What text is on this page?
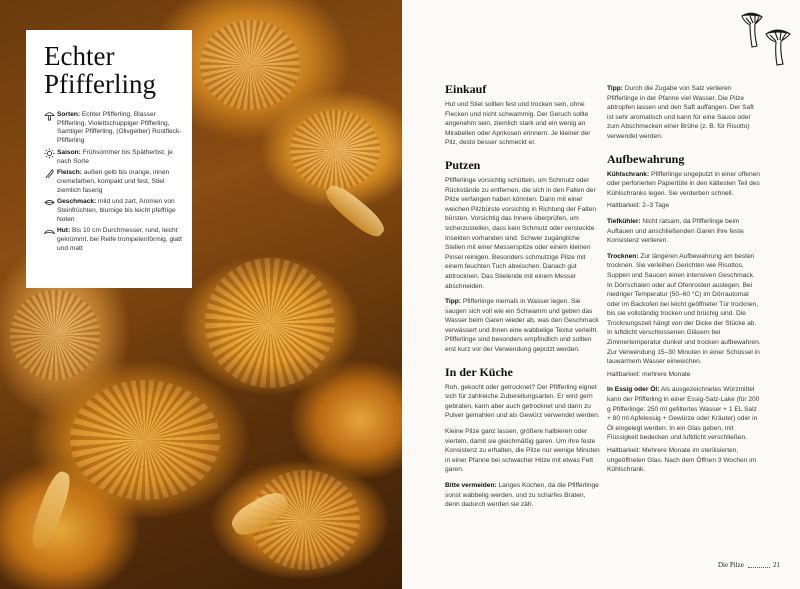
Echter
Pfifferling
Sorten: Echter Pfifferling, Blasser Pfifferling, Violettschuppiger Pfifferling, Samtiger Pfifferling, (Olivgelber) Rostfleck-Pfifferling
Saison: Frühsommer bis Spätherbst, je nach Sorte
Fleisch: außen gelb bis orange, innen cremefarben, kompakt und fest, Stiel ziemlich faserig
Geschmack: mild und zart, Aromen von Steinfrüchten, blumige bis leicht pfeffrige Noten
Hut: Bis 10 cm Durchmesser, rund, leicht gekrümmt, bei Reife trompetenförmig, glatt und matt
Einkauf

Hut und Stiel sollten fest und trocken sein, ohne Flecken und nicht schwammig. Der Geruch sollte angenehm sein, ziemlich stark und ein wenig an Mirabellen oder Aprikosen erinnern. Je kleiner der Pilz, desto besser schmeckt er.

Putzen

Pfifferlinge vorsichtig schütteln, um Schmutz oder Rückstände zu entfernen, die sich in den Falten der Pilze verfangen haben könnten. Dann mit einer weichen Pilzbürste vorsichtig in Richtung der Falten bürsten. Vorsichtig das Innere überprüfen, um sicherzustellen, dass kein Schmutz oder versteckte Insekten vorhanden sind. Schwer zugängliche Stellen mit einer Messerspitze oder einem kleinen Pinsel reinigen. Besonders schmutzige Pilze mit einem feuchten Tuch abwischen. Danach gut abtrocknen. Das Stielende mit einem Messer abschneiden.

Tipp: Pfifferlinge niemals in Wasser legen. Sie saugen sich voll wie ein Schwamm und geben das Wasser beim Garen wieder ab, was den Geschmack verwässert und ihnen eine wabbelige Textur verleiht. Pfifferlinge sind besonders empfindlich und sollten erst kurz vor der Verwendung geputzt werden.

In der Küche

Roh, gekocht oder getrocknet? Der Pfifferling eignet sich für zahlreiche Zubereitungsarten. Er wird gern gebraten, kann aber auch getrocknet und dann zu Pulver gemahlen und als Gewürz verwendet werden.

Kleine Pilze ganz lassen, größere halbieren oder vierteln, damit sie gleichmäßig garen. Um ihre feste Konsistenz zu erhalten, die Pilze nur wenige Minuten in einer Pfanne bei schwacher Hitze mit etwas Fett garen.

Bitte vermeiden: Langes Kochen, da die Pfifferlinge sonst wabbelig werden, und zu scharfes Braten, denn dadurch werden sie zäh.

Tipp: Durch die Zugabe von Salz verlieren Pfifferlinge in der Pfanne viel Wasser. Die Pilze abtropfen lassen und den Saft auffangen. Der Saft ist sehr aromatisch und kann für eine Sauce oder zum Abschmecken einer Brühe (z. B. für Risotto) verwendet werden.

Aufbewahrung

Kühlschrank: Pfifferlinge ungeputzt in einer offenen oder perforierten Papiertüte in den kältesten Teil des Kühlschranks legen. Sie verderben schnell.

Haltbarkeit: 2–3 Tage

Tiefkühler: Nicht ratsam, da Pfifferlinge beim Auftauen und anschließenden Garen ihre feste Konsistenz verlieren.

Trocknen: Zur längeren Aufbewahrung am besten trocknen. Sie verleihen Gerichten wie Risottos, Suppen und Saucen einen intensiven Geschmack. In Dörrschalen oder auf Ofenrosten auslegen. Bei niedriger Temperatur (50–60 °C) im Dörrautomat oder im Backofen bei leicht geöffneter Tür trocknen, bis sie vollständig trocken und brüchig sind. Die Trocknungszeit hängt von der Dicke der Stücke ab. In luftdicht verschlossenen Gläsern bei Zimmertemperatur dunkel und trocken aufbewahren. Zur Verwendung 15–30 Minuten in einer Schüssel in lauwarmem Wasser einweichen.

Haltbarkeit: mehrere Monate

In Essig oder Öl: Als ausgezeichnetes Würzmittel kann der Pfifferling in einer Essig-Salz-Lake (für 200 g Pfifferlinge: 250 ml gefiltertes Wasser + 1 EL Salz + 80 ml Apfelessig + Gewürze oder Kräuter) oder in Öl eingelegt werden. In ein Glas geben, mit Flüssigkeit bedecken und luftdicht verschließen.

Haltbarkeit: Mehrere Monate im sterilisierten, ungeöffneten Glas. Nach dem Öffnen 3 Wochen im Kühlschrank.

Die Pilze	21
